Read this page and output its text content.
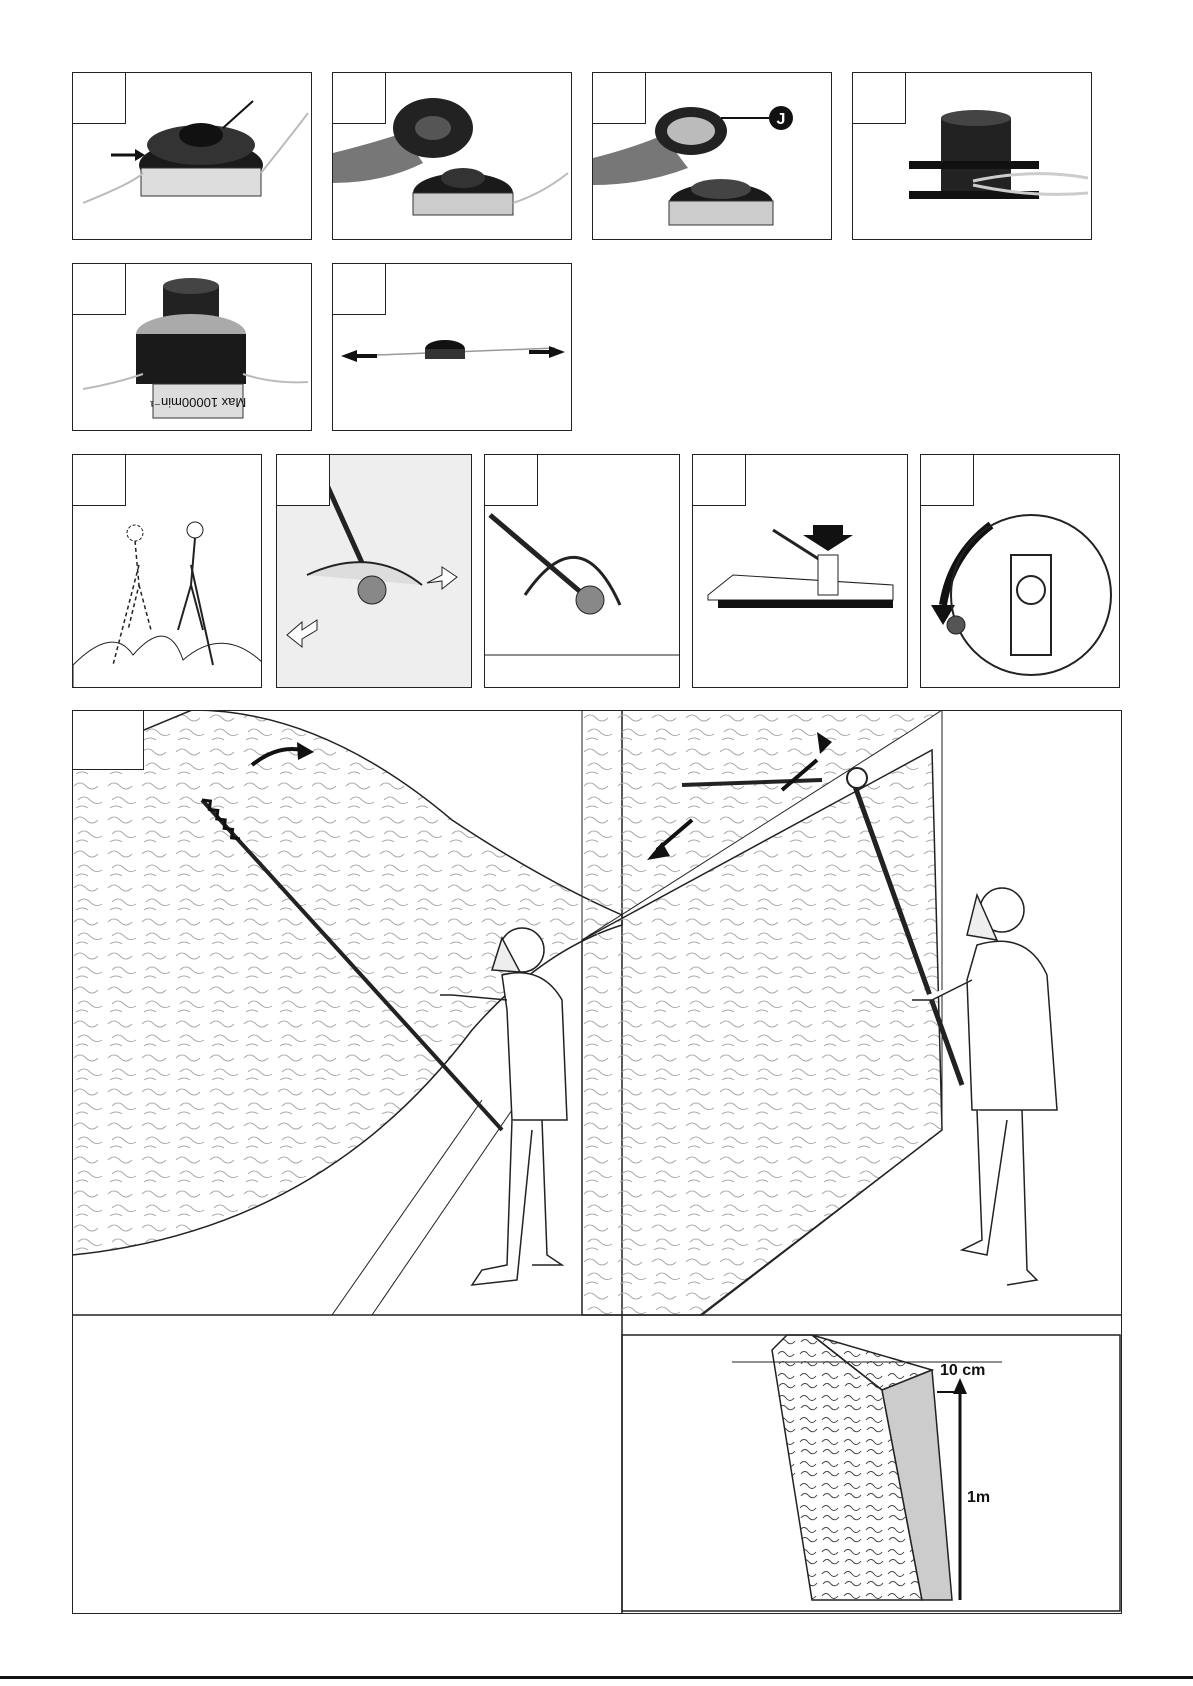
J
Max 10000min⁻¹
10 cm
1m
